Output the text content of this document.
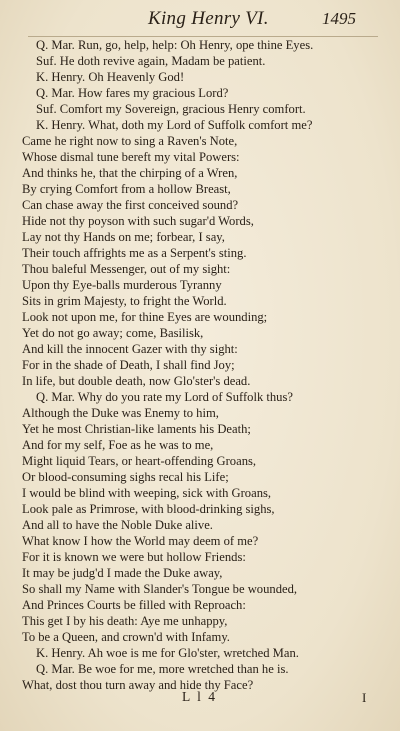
King Henry VI.	1495
Q. Mar. Run, go, help, help: Oh Henry, ope thine Eyes.
Suf. He doth revive again, Madam be patient.
K. Henry. Oh Heavenly God!
Q. Mar. How fares my gracious Lord?
Suf. Comfort my Sovereign, gracious Henry comfort.
K. Henry. What, doth my Lord of Suffolk comfort me?
Came he right now to sing a Raven's Note,
Whose dismal tune bereft my vital Powers:
And thinks he, that the chirping of a Wren,
By crying Comfort from a hollow Breast,
Can chase away the first conceived sound?
Hide not thy poyson with such sugar'd Words,
Lay not thy Hands on me; forbear, I say,
Their touch affrights me as a Serpent's sting.
Thou baleful Messenger, out of my sight:
Upon thy Eye-balls murderous Tyranny
Sits in grim Majesty, to fright the World.
Look not upon me, for thine Eyes are wounding;
Yet do not go away; come, Basilisk,
And kill the innocent Gazer with thy sight:
For in the shade of Death, I shall find Joy;
In life, but double death, now Glo'ster's dead.
Q. Mar. Why do you rate my Lord of Suffolk thus?
Although the Duke was Enemy to him,
Yet he most Christian-like laments his Death;
And for my self, Foe as he was to me,
Might liquid Tears, or heart-offending Groans,
Or blood-consuming sighs recal his Life;
I would be blind with weeping, sick with Groans,
Look pale as Primrose, with blood-drinking sighs,
And all to have the Noble Duke alive.
What know I how the World may deem of me?
For it is known we were but hollow Friends:
It may be judg'd I made the Duke away,
So shall my Name with Slander's Tongue be wounded,
And Princes Courts be filled with Reproach:
This get I by his death: Aye me unhappy,
To be a Queen, and crown'd with Infamy.
K. Henry. Ah woe is me for Glo'ster, wretched Man.
Q. Mar. Be woe for me, more wretched than he is.
What, dost thou turn away and hide thy Face?
L l 4	I
